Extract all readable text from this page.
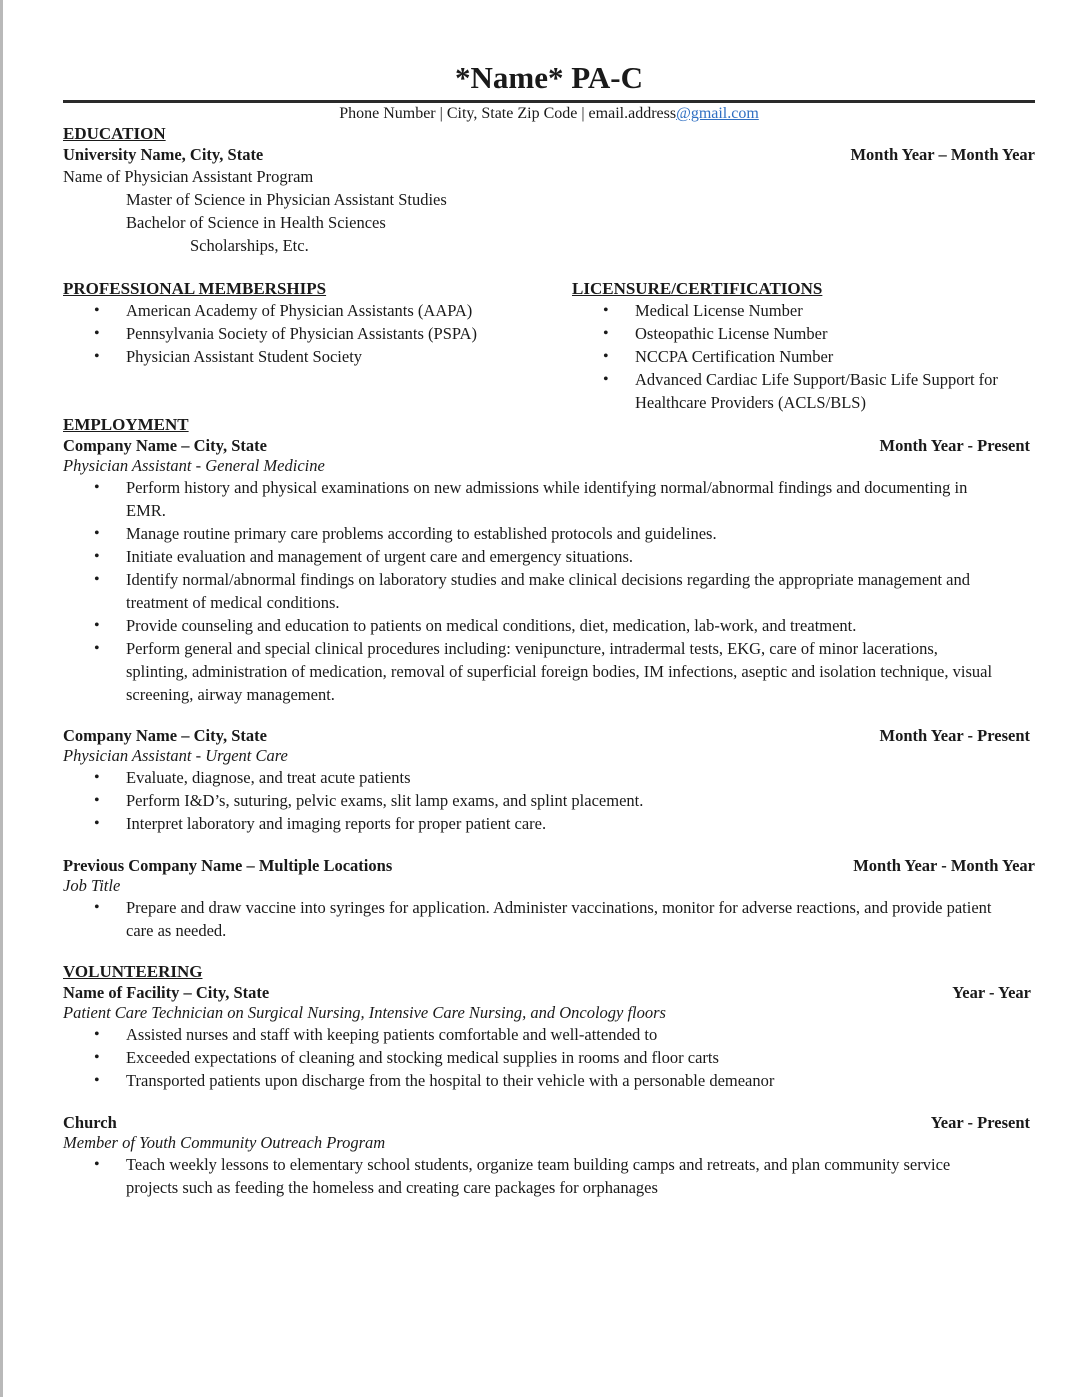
*Name* PA-C
Phone Number | City, State Zip Code | email.address@gmail.com
EDUCATION
University Name, City, State	Month Year – Month Year
Name of Physician Assistant Program
Master of Science in Physician Assistant Studies
Bachelor of Science in Health Sciences
Scholarships, Etc.
PROFESSIONAL MEMBERSHIPS
• American Academy of Physician Assistants (AAPA)
• Pennsylvania Society of Physician Assistants (PSPA)
• Physician Assistant Student Society
LICENSURE/CERTIFICATIONS
• Medical License Number
• Osteopathic License Number
• NCCPA Certification Number
• Advanced Cardiac Life Support/Basic Life Support for Healthcare Providers (ACLS/BLS)
EMPLOYMENT
Company Name – City, State	Month Year - Present
Physician Assistant - General Medicine
• Perform history and physical examinations on new admissions while identifying normal/abnormal findings and documenting in EMR.
• Manage routine primary care problems according to established protocols and guidelines.
• Initiate evaluation and management of urgent care and emergency situations.
• Identify normal/abnormal findings on laboratory studies and make clinical decisions regarding the appropriate management and treatment of medical conditions.
• Provide counseling and education to patients on medical conditions, diet, medication, lab-work, and treatment.
• Perform general and special clinical procedures including: venipuncture, intradermal tests, EKG, care of minor lacerations, splinting, administration of medication, removal of superficial foreign bodies, IM infections, aseptic and isolation technique, visual screening, airway management.
Company Name – City, State	Month Year - Present
Physician Assistant - Urgent Care
• Evaluate, diagnose, and treat acute patients
• Perform I&D’s, suturing, pelvic exams, slit lamp exams, and splint placement.
• Interpret laboratory and imaging reports for proper patient care.
Previous Company Name – Multiple Locations	Month Year - Month Year
Job Title
• Prepare and draw vaccine into syringes for application. Administer vaccinations, monitor for adverse reactions, and provide patient care as needed.
VOLUNTEERING
Name of Facility – City, State	Year - Year
Patient Care Technician on Surgical Nursing, Intensive Care Nursing, and Oncology floors
• Assisted nurses and staff with keeping patients comfortable and well-attended to
• Exceeded expectations of cleaning and stocking medical supplies in rooms and floor carts
• Transported patients upon discharge from the hospital to their vehicle with a personable demeanor
Church	Year - Present
Member of Youth Community Outreach Program
• Teach weekly lessons to elementary school students, organize team building camps and retreats, and plan community service projects such as feeding the homeless and creating care packages for orphanages
